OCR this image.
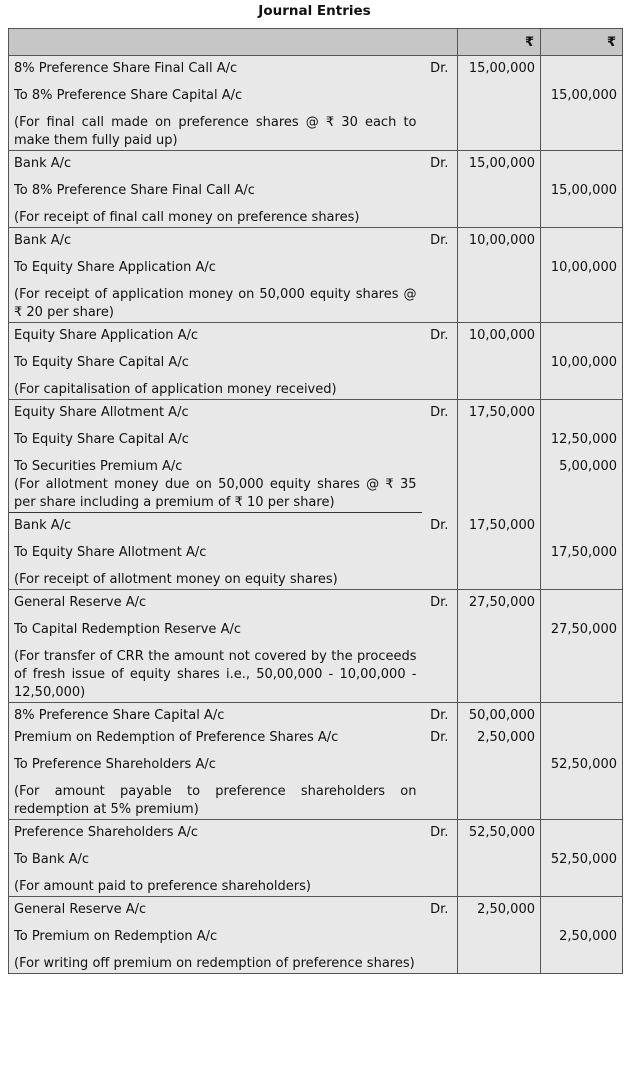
Journal Entries
		₹	₹
8% Preference Share Final Call A/c	Dr.	15,00,000	
To 8% Preference Share Capital A/c			15,00,000
(For final call made on preference shares @ ₹ 30 each to make them fully paid up)			
Bank A/c	Dr.	15,00,000	
To 8% Preference Share Final Call A/c			15,00,000
(For receipt of final call money on preference shares)			
Bank A/c	Dr.	10,00,000	
To Equity Share Application A/c			10,00,000
(For receipt of application money on 50,000 equity shares @ ₹ 20 per share)			
Equity Share Application A/c	Dr.	10,00,000	
To Equity Share Capital A/c			10,00,000
(For capitalisation of application money received)			
Equity Share Allotment A/c	Dr.	17,50,000	
To Equity Share Capital A/c			12,50,000
To Securities Premium A/c			5,00,000
(For allotment money due on 50,000 equity shares @ ₹ 35 per share including a premium of ₹ 10 per share)			
Bank A/c	Dr.	17,50,000	
To Equity Share Allotment A/c			17,50,000
(For receipt of allotment money on equity shares)			
General Reserve A/c	Dr.	27,50,000	
To Capital Redemption Reserve A/c			27,50,000
(For transfer of CRR the amount not covered by the proceeds of fresh issue of equity shares i.e., 50,00,000 - 10,00,000 - 12,50,000)			
8% Preference Share Capital A/c	Dr.	50,00,000	
Premium on Redemption of Preference Shares A/c	Dr.	2,50,000	
To Preference Shareholders A/c			52,50,000
(For amount payable to preference shareholders on redemption at 5% premium)			
Preference Shareholders A/c	Dr.	52,50,000	
To Bank A/c			52,50,000
(For amount paid to preference shareholders)			
General Reserve A/c	Dr.	2,50,000	
To Premium on Redemption A/c			2,50,000
(For writing off premium on redemption of preference shares)			
